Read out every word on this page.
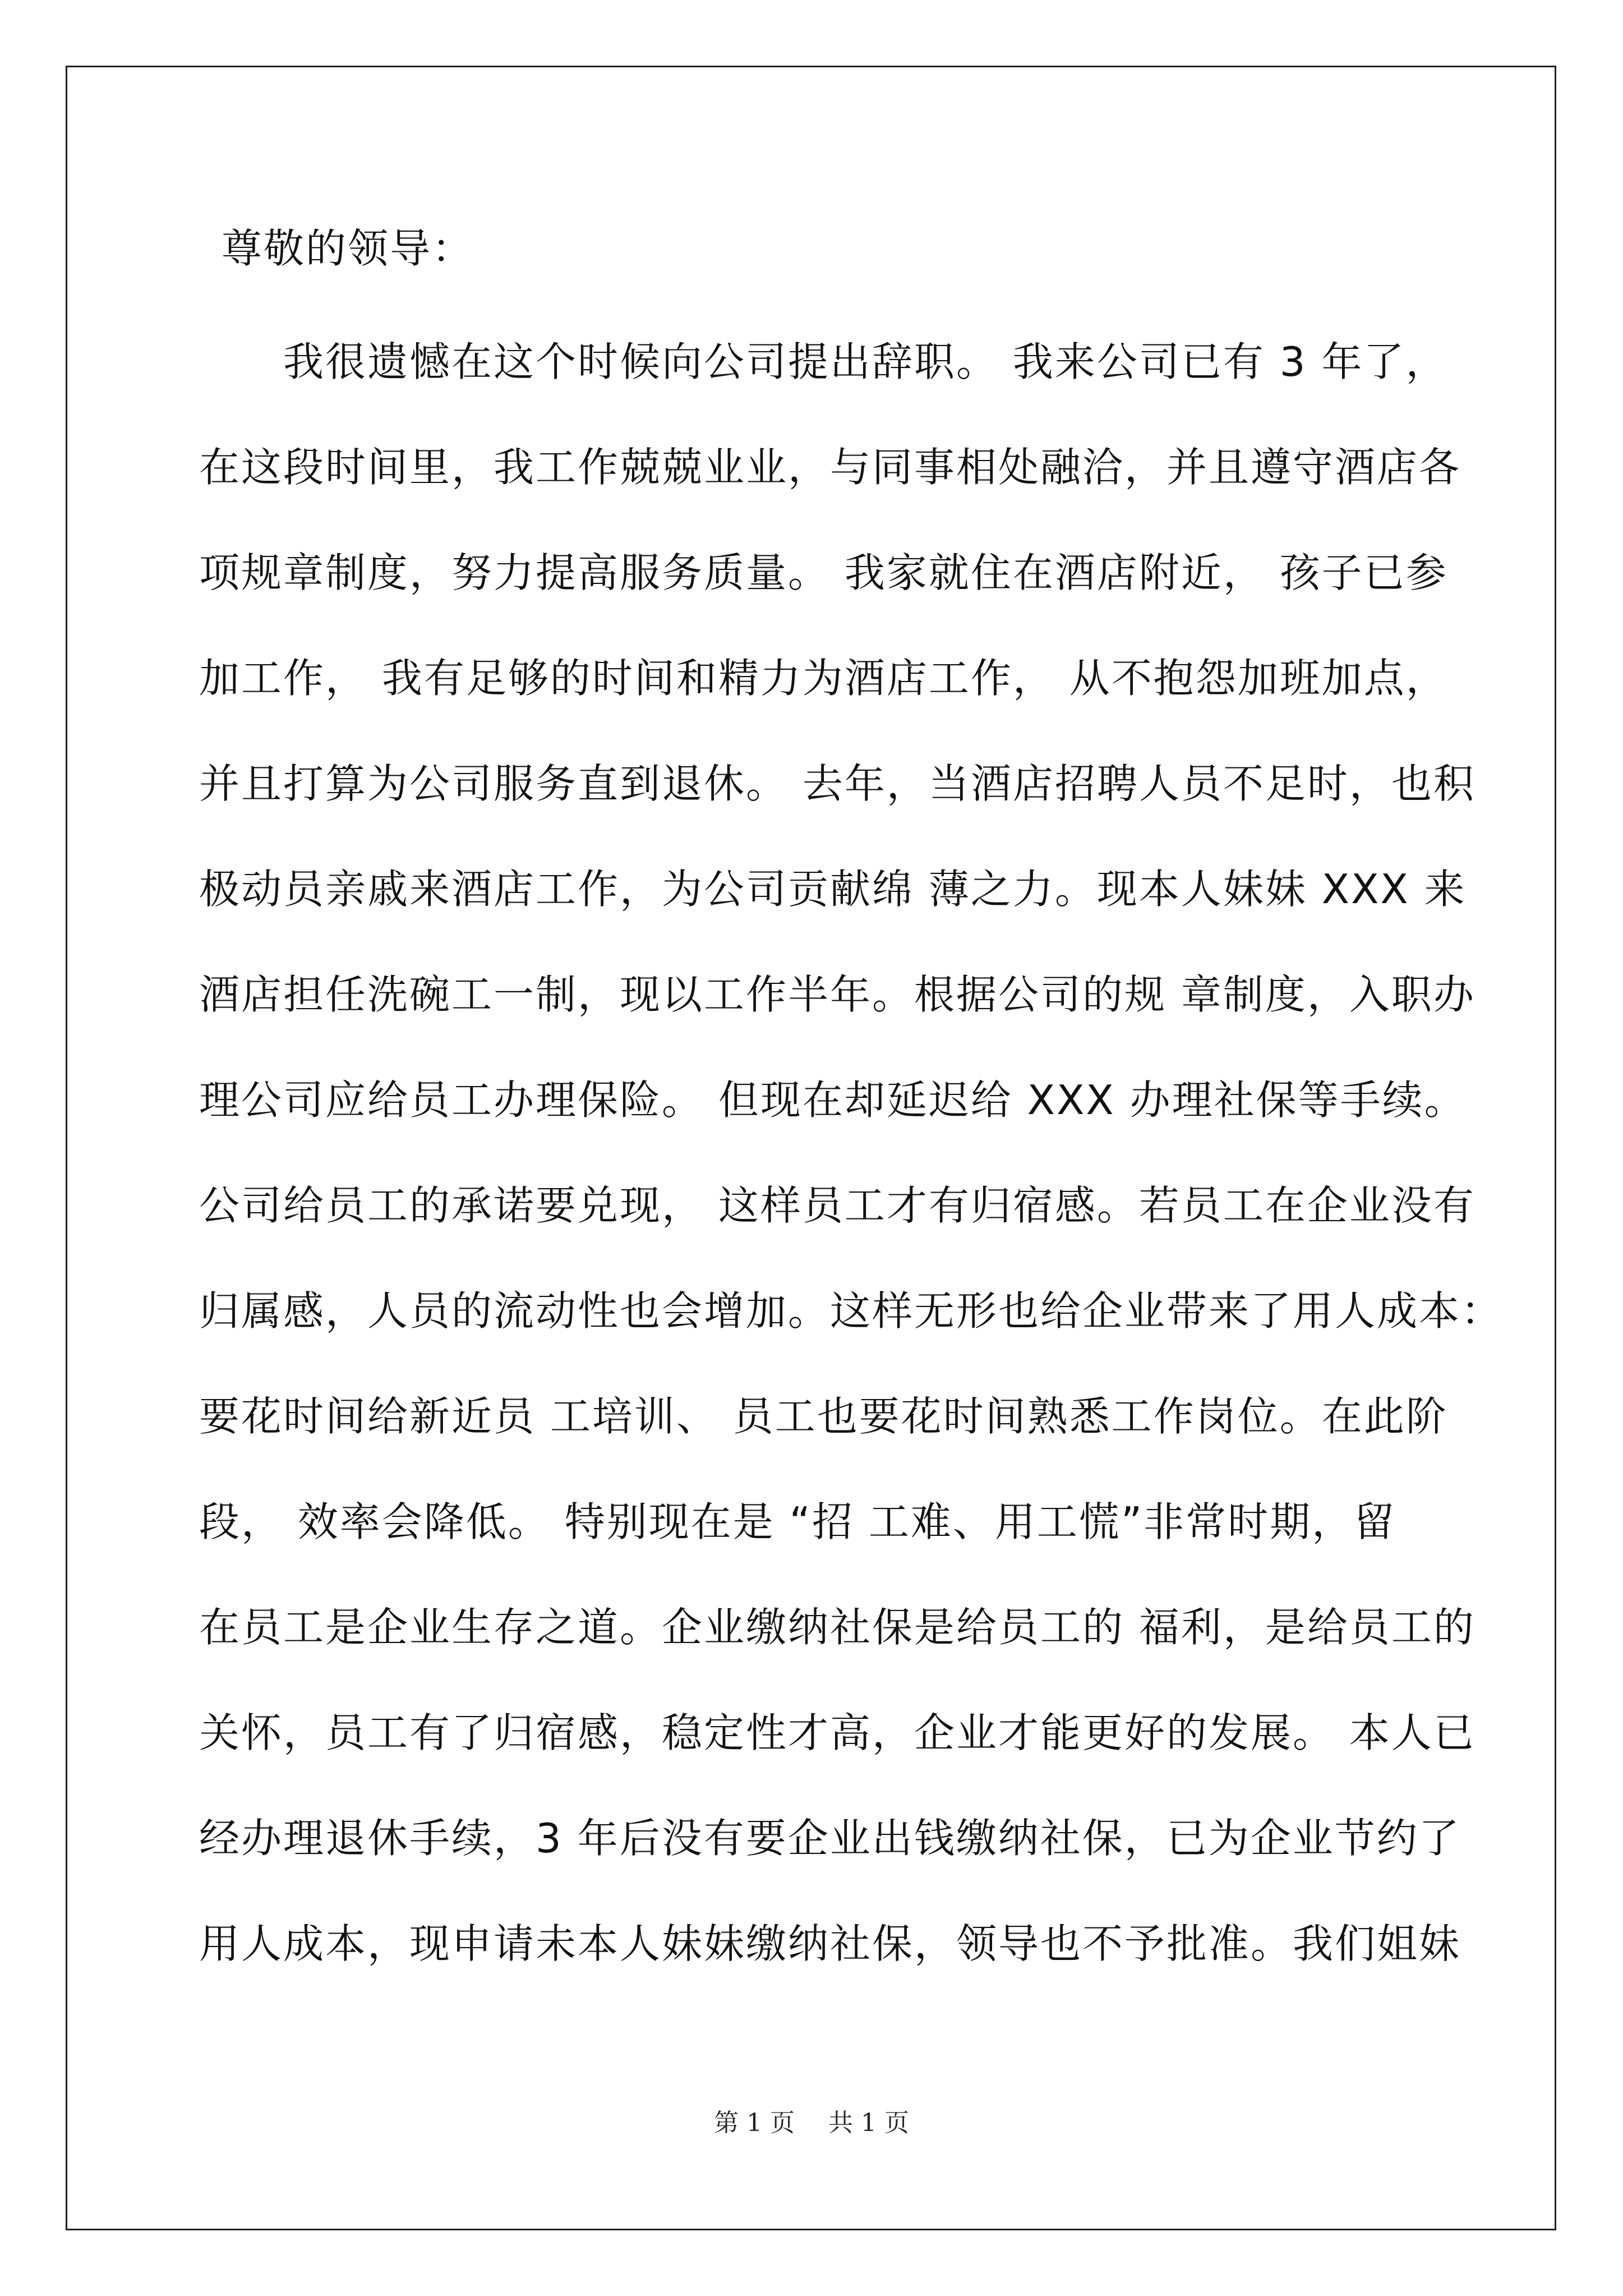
尊敬的领导：
　　我很遗憾在这个时候向公司提出辞职。 我来公司已有 3 年了，
在这段时间里，我工作兢兢业业，与同事相处融洽，并且遵守酒店各
项规章制度，努力提高服务质量。 我家就住在酒店附近， 孩子已参
加工作， 我有足够的时间和精力为酒店工作， 从不抱怨加班加点，
并且打算为公司服务直到退休。 去年，当酒店招聘人员不足时，也积
极动员亲戚来酒店工作，为公司贡献绵 薄之力。现本人妹妹 XXX 来
酒店担任洗碗工一制，现以工作半年。根据公司的规 章制度，入职办
理公司应给员工办理保险。 但现在却延迟给 XXX 办理社保等手续。
公司给员工的承诺要兑现， 这样员工才有归宿感。若员工在企业没有
归属感，人员的流动性也会增加。这样无形也给企业带来了用人成本：
要花时间给新近员 工培训、 员工也要花时间熟悉工作岗位。在此阶
段， 效率会降低。 特别现在是 “招 工难、用工慌”非常时期，留
在员工是企业生存之道。企业缴纳社保是给员工的 福利，是给员工的
关怀，员工有了归宿感，稳定性才高，企业才能更好的发展。 本人已
经办理退休手续，3 年后没有要企业出钱缴纳社保，已为企业节约了
用人成本，现申请未本人妹妹缴纳社保，领导也不予批准。我们姐妹
第 1 页 共 1 页
